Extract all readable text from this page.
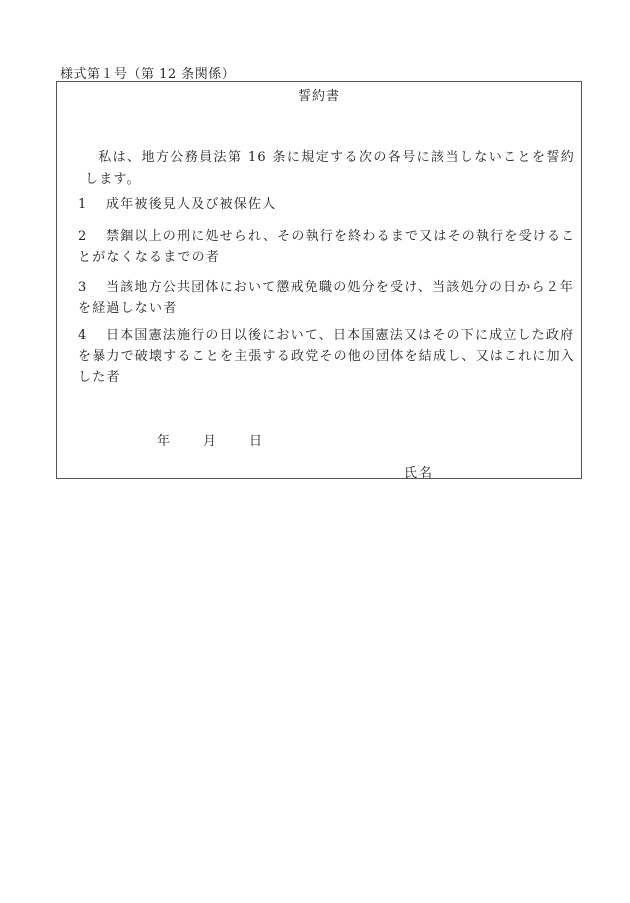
様式第１号（第 12 条関係）
誓約書
私は、地方公務員法第 16 条に規定する次の各号に該当しないことを誓約します。
1 成年被後見人及び被保佐人
2 禁錮以上の刑に処せられ、その執行を終わるまで又はその執行を受けることがなくなるまでの者
3 当該地方公共団体において懲戒免職の処分を受け、当該処分の日から２年を経過しない者
4 日本国憲法施行の日以後において、日本国憲法又はその下に成立した政府を暴力で破壊することを主張する政党その他の団体を結成し、又はこれに加入した者
年	月	日
氏名
